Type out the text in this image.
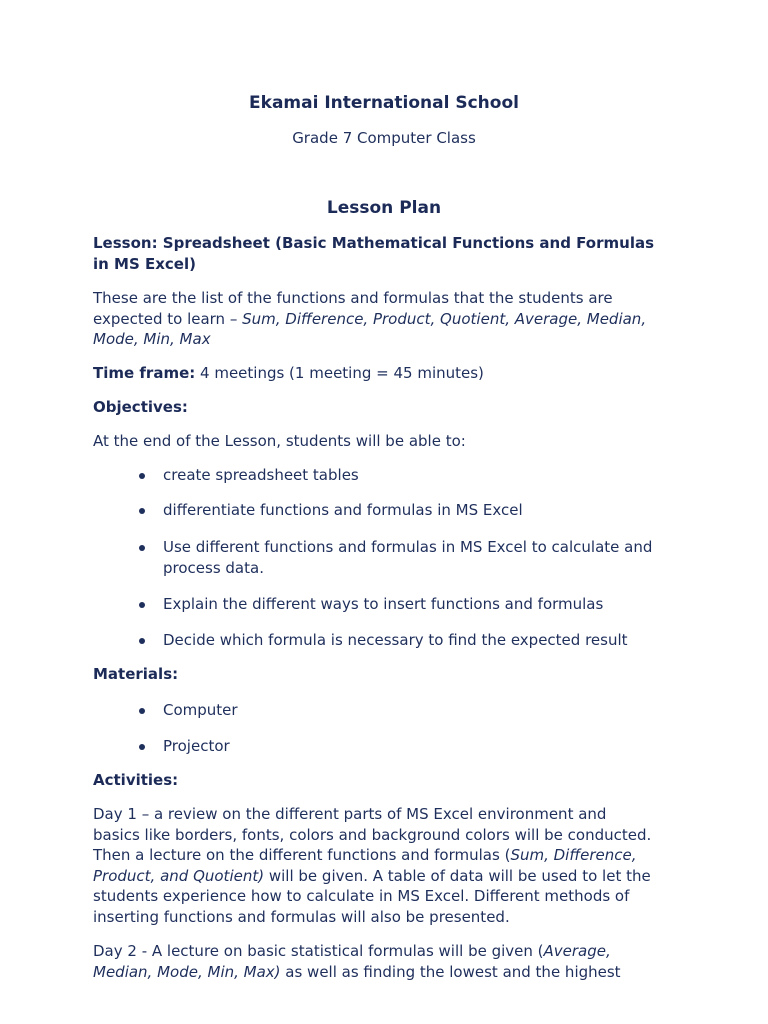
Ekamai International School
Grade 7 Computer Class
Lesson Plan
Lesson: Spreadsheet (Basic Mathematical Functions and Formulas
in MS Excel)
These are the list of the functions and formulas that the students are
expected to learn – Sum, Difference, Product, Quotient, Average, Median,
Mode, Min, Max
Time frame: 4 meetings (1 meeting = 45 minutes)
Objectives:
At the end of the Lesson, students will be able to:
create spreadsheet tables
differentiate functions and formulas in MS Excel
Use different functions and formulas in MS Excel to calculate and
process data.
Explain the different ways to insert functions and formulas
Decide which formula is necessary to find the expected result
Materials:
Computer
Projector
Activities:
Day 1 – a review on the different parts of MS Excel environment and
basics like borders, fonts, colors and background colors will be conducted.
Then a lecture on the different functions and formulas (Sum, Difference,
Product, and Quotient) will be given. A table of data will be used to let the
students experience how to calculate in MS Excel. Different methods of
inserting functions and formulas will also be presented.
Day 2 - A lecture on basic statistical formulas will be given (Average,
Median, Mode, Min, Max) as well as finding the lowest and the highest
